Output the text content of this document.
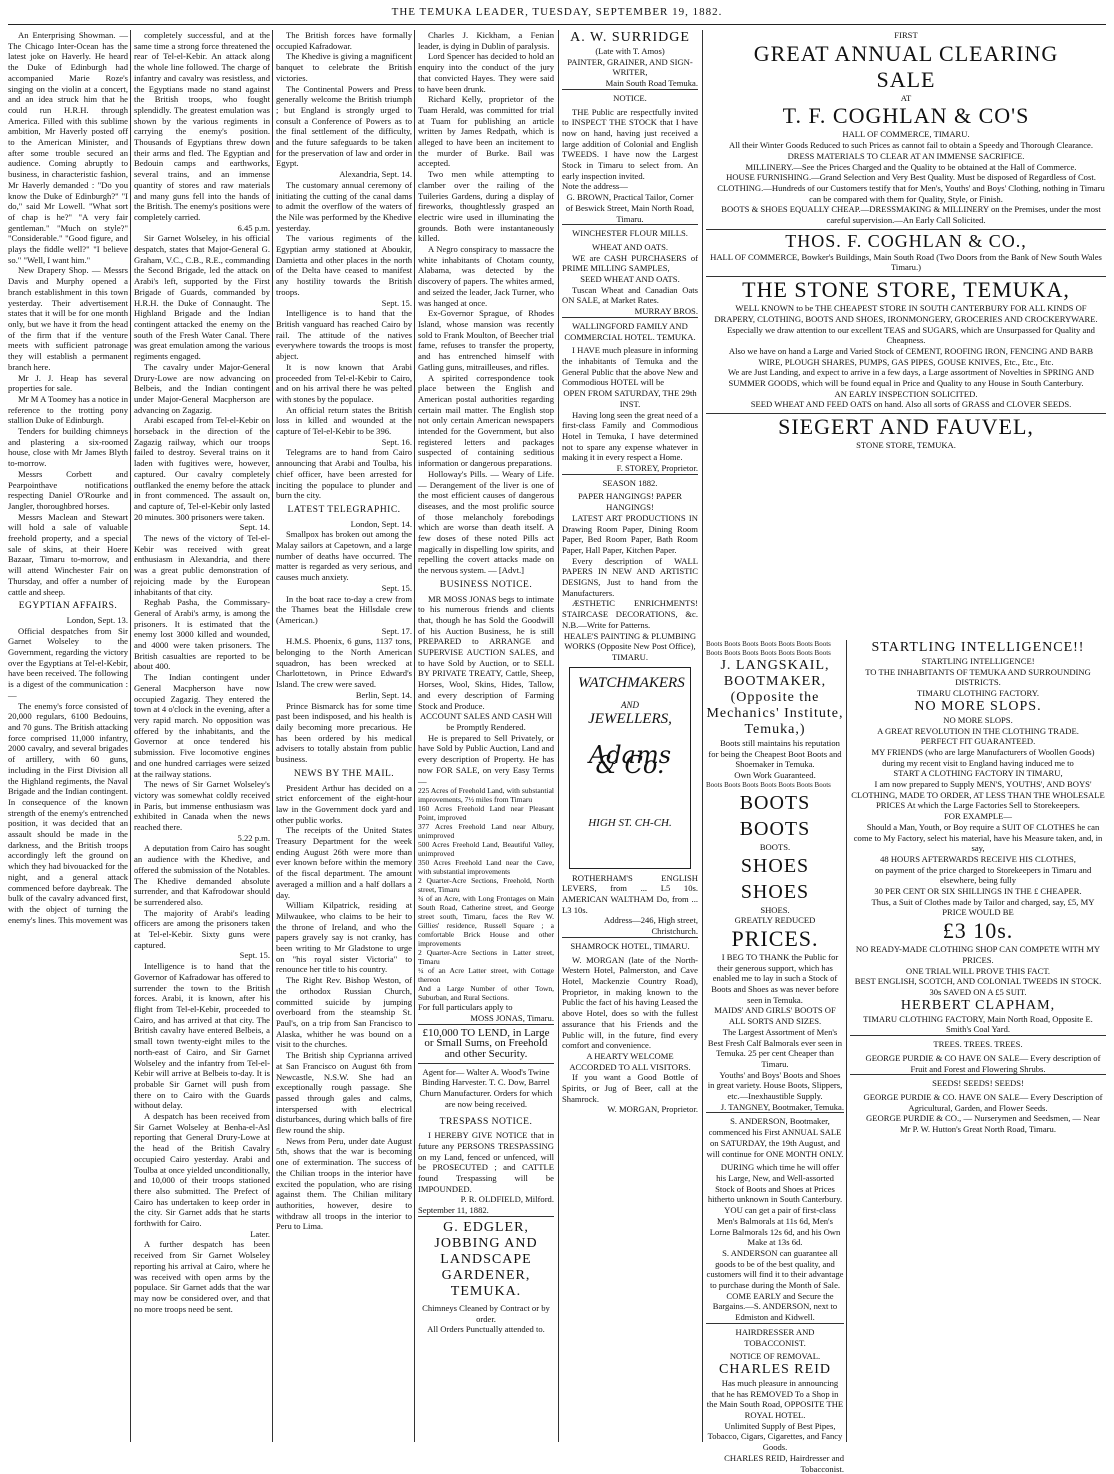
THE TEMUKA LEADER, TUESDAY, SEPTEMBER 19, 1882.

An Enterprising Showman. — The Chicago Inter-Ocean has the latest joke on Haverly. He heard the Duke of Edinburgh had accompanied Marie Roze's singing on the violin at a concert, and an idea struck him that he could run H.R.H. through America. Filled with this sublime ambition, Mr Haverly posted off to the American Minister, and after some trouble secured an audience. Coming abruptly to business, in characteristic fashion, Mr Haverly demanded : "Do you know the Duke of Edinburgh?" "I do," said Mr Lowell. "What sort of chap is he?" "A very fair gentleman." "Much on style?" "Considerable." "Good figure, and plays the fiddle well?" "I believe so." "Well, I want him."

New Drapery Shop. — Messrs Davis and Murphy opened a branch establishment in this town yesterday. Their advertisement states that it will be for one month only, but we have it from the head of the firm that if the venture meets with sufficient patronage they will establish a permanent branch here.

Mr J. J. Heap has several properties for sale.

Mr M A Toomey has a notice in reference to the trotting pony stallion Duke of Edinburgh.

Tenders for building chimneys and plastering a six-roomed house, close with Mr James Blyth to-morrow.

Messrs Corbett and Pearpointhave notifications respecting Daniel O'Rourke and Jangler, thoroughbred horses.

Messrs Maclean and Stewart will hold a sale of valuable freehold property, and a special sale of skins, at their Hoere Bazaar, Timaru to-morrow, and will attend Winchester Fair on Thursday, and offer a number of cattle and sheep.

EGYPTIAN AFFAIRS.
London, Sept. 13.

Official despatches from Sir Garnet Wolseley to the Government, regarding the victory over the Egyptians at Tel-el-Kebir, have been received. The following is a digest of the communication :—

The enemy's force consisted of 20,000 regulars, 6100 Bedouins, and 70 guns. The British attacking force comprised 11,000 infantry, 2000 cavalry, and several brigades of artillery, with 60 guns, including in the First Division all the Highland regiments, the Naval Brigade and the Indian contingent. In consequence of the known strength of the enemy's entrenched position, it was decided that an assault should be made in the darkness, and the British troops accordingly left the ground on which they had bivouacked for the night, and a general attack commenced before daybreak. The bulk of the cavalry advanced first, with the object of turning the enemy's lines. This movement was

completely successful, and at the same time a strong force threatened the rear of Tel-el-Kebir. An attack along the whole line followed. The charge of infantry and cavalry was resistless, and the Egyptians made no stand against the British troops, who fought splendidly. The greatest emulation was shown by the various regiments in carrying the enemy's position. Thousands of Egyptians threw down their arms and fled. The Egyptian and Bedouin camps and earthworks, several trains, and an immense quantity of stores and raw materials and many guns fell into the hands of the British. The enemy's positions were completely carried.

6.45 p.m.

Sir Garnet Wolseley, in his official despatch, states that Major-General G. Graham, V.C., C.B., R.E., commanding the Second Brigade, led the attack on Arabi's left, supported by the First Brigade of Guards, commanded by H.R.H. the Duke of Connaught. The Highland Brigade and the Indian contingent attacked the enemy on the south of the Fresh Water Canal. There was great emulation among the various regiments engaged.

The cavalry under Major-General Drury-Lowe are now advancing on Belbeis, and the Indian contingent under Major-General Macpherson are advancing on Zagazig.

Arabi escaped from Tel-el-Kebir on horseback in the direction of the Zagazig railway, which our troops failed to destroy. Several trains on it laden with fugitives were, however, captured. Our cavalry completely outflanked the enemy before the attack in front commenced. The assault on, and capture of, Tel-el-Kebir only lasted 20 minutes. 300 prisoners were taken.

Sept. 14.

The news of the victory of Tel-el-Kebir was received with great enthusiasm in Alexandria, and there was a great public demonstration of rejoicing made by the European inhabitants of that city.

Reghab Pasha, the Commissary-General of Arabi's army, is among the prisoners. It is estimated that the enemy lost 3000 killed and wounded, and 4000 were taken prisoners. The British casualties are reported to be about 400.

The Indian contingent under General Macpherson have now occupied Zagazig. They entered the town at 4 o'clock in the evening, after a very rapid march. No opposition was offered by the inhabitants, and the Governor at once tendered his submission. Five locomotive engines and one hundred carriages were seized at the railway stations.

The news of Sir Garnet Wolseley's victory was somewhat coldly received in Paris, but immense enthusiasm was exhibited in Canada when the news reached there.

5.22 p.m.

A deputation from Cairo has sought an audience with the Khedive, and offered the submission of the Notables. The Khedive demanded absolute surrender, and that Kafrodowar should be surrendered also.

The majority of Arabi's leading officers are among the prisoners taken at Tel-el-Kebir. Sixty guns were captured.

Sept. 15.

Intelligence is to hand that the Governor of Kafradowar has offered to surrender the town to the British forces. Arabi, it is known, after his flight from Tel-el-Kebir, proceeded to Cairo, and has arrived at that city. The British cavalry have entered Belbeis, a small town twenty-eight miles to the north-east of Cairo, and Sir Garnet Wolseley and the infantry from Tel-el-Kebir will arrive at Belbeis to-day. It is probable Sir Garnet will push from there on to Cairo with the Guards without delay.

A despatch has been received from Sir Garnet Wolseley at Benha-el-Asl reporting that General Drury-Lowe at the head of the British Cavalry occupied Cairo yesterday. Arabi and Toulba at once yielded unconditionally, and 10,000 of their troops stationed there also submitted. The Prefect of Cairo has undertaken to keep order in the city. Sir Garnet adds that he starts forthwith for Cairo.

Later.

A further despatch has been received from Sir Garnet Wolseley reporting his arrival at Cairo, where he was received with open arms by the populace. Sir Garnet adds that the war may now be considered over, and that no more troops need be sent.

The British forces have formally occupied Kafradowar.

The Khedive is giving a magnificent banquet to celebrate the British victories.

The Continental Powers and Press generally welcome the British triumph ; but England is strongly urged to consult a Conference of Powers as to the final settlement of the difficulty, and the future safeguards to be taken for the preservation of law and order in Egypt.

Alexandria, Sept. 14.

The customary annual ceremony of initiating the cutting of the canal dams to admit the overflow of the waters of the Nile was performed by the Khedive yesterday.

The various regiments of the Egyptian army stationed at Aboukir, Damietta and other places in the north of the Delta have ceased to manifest any hostility towards the British troops.

Sept. 15.

Intelligence is to hand that the British vanguard has reached Cairo by rail. The attitude of the natives everywhere towards the troops is most abject.

It is now known that Arabi proceeded from Tel-el-Kebir to Cairo, and on his arrival there he was pelted with stones by the populace.

An official return states the British loss in killed and wounded at the capture of Tel-el-Kebir to be 396.

Sept. 16.

Telegrams are to hand from Cairo announcing that Arabi and Toulba, his chief officer, have been arrested for inciting the populace to plunder and burn the city.

LATEST TELEGRAPHIC.
London, Sept. 14.

Smallpox has broken out among the Malay sailors at Capetown, and a large number of deaths have occurred. The matter is regarded as very serious, and causes much anxiety.

Sept. 15.

In the boat race to-day a crew from the Thames beat the Hillsdale crew (American.)

Sept. 17.

H.M.S. Phoenix, 6 guns, 1137 tons, belonging to the North American squadron, has been wrecked at Charlottetown, in Prince Edward's Island. The crew were saved.

Berlin, Sept. 14.

Prince Bismarck has for some time past been indisposed, and his health is daily becoming more precarious. He has been ordered by his medical advisers to totally abstain from public business.

NEWS BY THE MAIL.

President Arthur has decided on a strict enforcement of the eight-hour law in the Government dock yard and other public works.

The receipts of the United States Treasury Department for the week ending August 26th were more than ever known before within the memory of the fiscal department. The amount averaged a million and a half dollars a day.

William Kilpatrick, residing at Milwaukee, who claims to be heir to the throne of Ireland, and who the papers gravely say is not cranky, has been writing to Mr Gladstone to urge on "his royal sister Victoria" to renounce her title to his country.

The Right Rev. Bishop Weston, of the orthodox Russian Church, committed suicide by jumping overboard from the steamship St. Paul's, on a trip from San Francisco to Alaska, whither he was bound on a visit to the churches.

The British ship Cyprianna arrived at San Francisco on August 6th from Newcastle, N.S.W. She had an exceptionally rough passage. She passed through gales and calms, interspersed with electrical disturbances, during which balls of fire flew round the ship.

News from Peru, under date August 5th, shows that the war is becoming one of extermination. The success of the Chilian troops in the interior have excited the population, who are rising against them. The Chilian military authorities, however, desire to withdraw all troops in the interior to Peru to Lima.

Charles J. Kickham, a Fenian leader, is dying in Dublin of paralysis.

Lord Spencer has decided to hold an enquiry into the conduct of the jury that convicted Hayes. They were said to have been drunk.

Richard Kelly, proprietor of the Tuam Herald, was committed for trial at Tuam for publishing an article written by James Redpath, which is alleged to have been an incitement to the murder of Burke. Bail was accepted.

Two men while attempting to clamber over the railing of the Tuileries Gardens, during a display of fireworks, thoughtlessly grasped an electric wire used in illuminating the grounds. Both were instantaneously killed.

A Negro conspiracy to massacre the white inhabitants of Chotam county, Alabama, was detected by the discovery of papers. The whites armed, and seized the leader, Jack Turner, who was hanged at once.

Ex-Governor Sprague, of Rhodes Island, whose mansion was recently sold to Frank Moulton, of Beecher trial fame, refuses to transfer the property, and has entrenched himself with Gatling guns, mitrailleuses, and rifles.

A spirited correspondence took place between the English and American postal authorities regarding certain mail matter. The English stop not only certain American newspapers intended for the Government, but also registered letters and packages suspected of containing seditious information or dangerous preparations.

Holloway's Pills. — Weary of Life. — Derangement of the liver is one of the most efficient causes of dangerous diseases, and the most prolific source of those melancholy forebodings which are worse than death itself. A few doses of these noted Pills act magically in dispelling low spirits, and repelling the covert attacks made on the nervous system. — [Advt.]

BUSINESS NOTICE.

MR MOSS JONAS begs to intimate to his numerous friends and clients that, though he has Sold the Goodwill of his Auction Business, he is still PREPARED to ARRANGE and SUPERVISE AUCTION SALES, and to have Sold by Auction, or to SELL BY PRIVATE TREATY, Cattle, Sheep, Horses, Wool, Skins, Hides, Tallow, and every description of Farming Stock and Produce.

ACCOUNT SALES AND CASH Will be Promptly Rendered.

He is prepared to Sell Privately, or have Sold by Public Auction, Land and every description of Property. He has now FOR SALE, on very Easy Terms—

225 Acres of Freehold Land, with substantial improvements, 7½ miles from Timaru
160 Acres Freehold Land near Pleasant Point, improved
377 Acres Freehold Land near Albury, unimproved
500 Acres Freehold Land, Beautiful Valley, unimproved
350 Acres Freehold Land near the Cave, with substantial improvements
2 Quarter-Acre Sections, Freehold, North street, Timaru
¾ of an Acre, with Long Frontages on Main South Road, Catherine street, and George street south, Timaru, faces the Rev W. Gillies' residence, Russell Square ; a comfortable Brick House and other improvements
2 Quarter-Acre Sections in Latter street, Timaru
¼ of an Acre Latter street, with Cottage thereon
And a Large Number of other Town, Suburban, and Rural Sections.
For full particulars apply to
MOSS JONAS, Timaru.
£10,000 TO LEND, in Large or Small Sums, on Freehold and other Security.
Agent for— Walter A. Wood's Twine Binding Harvester. T. C. Dow, Barrel Churn Manufacturer. Orders for which are now being received.
TRESPASS NOTICE.

I HEREBY GIVE NOTICE that in future any PERSONS TRESPASSING on my Land, fenced or unfenced, will be PROSECUTED ; and CATTLE found Trespassing will be IMPOUNDED.

P. R. OLDFIELD, Milford.
September 11, 1882.
G. EDGLER, JOBBING AND LANDSCAPE GARDENER, TEMUKA.
Chimneys Cleaned by Contract or by order.
All Orders Punctually attended to.
A. W. SURRIDGE
(Late with T. Amos)
PAINTER, GRAINER, AND SIGN-WRITER,
Main South Road Temuka.
NOTICE.

THE Public are respectfully invited to INSPECT THE STOCK that I have now on hand, having just received a large addition of Colonial and English TWEEDS. I have now the Largest Stock in Timaru to select from. An early inspection invited.

Note the address—
G. BROWN, Practical Tailor, Corner of Beswick Street, Main North Road, Timaru.
WINCHESTER FLOUR MILLS.
WHEAT AND OATS.

WE are CASH PURCHASERS of PRIME MILLING SAMPLES,

SEED WHEAT AND OATS.

Tuscan Wheat and Canadian Oats ON SALE, at Market Rates.

MURRAY BROS.
WALLINGFORD FAMILY AND COMMERCIAL HOTEL. TEMUKA.

I HAVE much pleasure in informing the inhabitants of Temuka and the General Public that the above New and Commodious HOTEL will be

OPEN FROM SATURDAY, THE 29th INST.

Having long seen the great need of a first-class Family and Commodious Hotel in Temuka, I have determined not to spare any expense whatever in making it in every respect a Home.

F. STOREY, Proprietor.
SEASON 1882.
PAPER HANGINGS! PAPER HANGINGS!

LATEST ART PRODUCTIONS IN Drawing Room Paper, Dining Room Paper, Bed Room Paper, Bath Room Paper, Hall Paper, Kitchen Paper.

Every description of WALL PAPERS IN NEW AND ARTISTIC DESIGNS, Just to hand from the Manufacturers.

ÆSTHETIC ENRICHMENTS! STAIRCASE DECORATIONS, &c. N.B.—Write for Patterns.

HEALE'S PAINTING & PLUMBING WORKS (Opposite New Post Office), TIMARU.
WATCHMAKERS
AND
JEWELLERS,
Adams & Co.
HIGH ST. CH-CH.

ROTHERHAM'S ENGLISH LEVERS, from ... L5 10s. AMERICAN WALTHAM Do, from ... L3 10s.

Address—246, High street, Christchurch.
SHAMROCK HOTEL, TIMARU.

W. MORGAN (late of the North-Western Hotel, Palmerston, and Cave Hotel, Mackenzie Country Road), Proprietor, in making known to the Public the fact of his having Leased the above Hotel, does so with the fullest assurance that his Friends and the Public will, in the future, find every comfort and convenience.

A HEARTY WELCOME ACCORDED TO ALL VISITORS.

If you want a Good Bottle of Spirits, or Jug of Beer, call at the Shamrock.

W. MORGAN, Proprietor.
FIRST
GREAT ANNUAL CLEARING
SALE
AT
T. F. COGHLAN & CO'S
HALL OF COMMERCE, TIMARU.

All their Winter Goods Reduced to such Prices as cannot fail to obtain a Speedy and Thorough Clearance.

DRESS MATERIALS TO CLEAR AT AN IMMENSE SACRIFICE.

MILLINERY.—See the Prices Charged and the Quality to be obtained at the Hall of Commerce.

HOUSE FURNISHING.—Grand Selection and Very Best Quality. Must be disposed of Regardless of Cost.

CLOTHING.—Hundreds of our Customers testify that for Men's, Youths' and Boys' Clothing, nothing in Timaru can be compared with them for Quality, Style, or Finish.

BOOTS & SHOES EQUALLY CHEAP.—DRESSMAKING & MILLINERY on the Premises, under the most careful supervision.—An Early Call Solicited.

THOS. F. COGHLAN & CO.,
HALL OF COMMERCE, Bowker's Buildings, Main South Road (Two Doors from the Bank of New South Wales Timaru.)
THE STONE STORE, TEMUKA,

WELL KNOWN to be THE CHEAPEST STORE IN SOUTH CANTERBURY FOR ALL KINDS OF DRAPERY, CLOTHING, BOOTS AND SHOES, IRONMONGERY, GROCERIES AND CROCKERYWARE.

Especially we draw attention to our excellent TEAS and SUGARS, which are Unsurpassed for Quality and Cheapness.

Also we have on hand a Large and Varied Stock of CEMENT, ROOFING IRON, FENCING AND BARB WIRE, PLOUGH SHARES, PUMPS, GAS PIPES, GOUSE KNIVES, Etc., Etc., Etc.

We are Just Landing, and expect to arrive in a few days, a Large assortment of Novelties in SPRING AND SUMMER GOODS, which will be found equal in Price and Quality to any House in South Canterbury.

AN EARLY INSPECTION SOLICITED.

SEED WHEAT AND FEED OATS on hand. Also all sorts of GRASS and CLOVER SEEDS.

SIEGERT AND FAUVEL,
STONE STORE, TEMUKA.
Boots Boots Boots Boots Boots Boots Boots
Boots Boots Boots Boots Boots Boots Boots
J. LANGSKAIL, BOOTMAKER, (Opposite the Mechanics' Institute, Temuka,)

Boots still maintains his reputation for being the Cheapest Boot Boots and Shoemaker in Temuka.

Own Work Guaranteed.
Boots Boots Boots Boots Boots Boots Boots
BOOTS BOOTS
BOOTS.
SHOES SHOES
SHOES.
GREATLY REDUCED
PRICES.

I BEG TO THANK the Public for their generous support, which has enabled me to lay in such a Stock of Boots and Shoes as was never before seen in Temuka.

MAIDS' AND GIRLS' BOOTS OF ALL SORTS AND SIZES.

The Largest Assortment of Men's Best Fresh Calf Balmorals ever seen in Temuka. 25 per cent Cheaper than Timaru.

Youths' and Boys' Boots and Shoes in great variety. House Boots, Slippers, etc.—Inexhaustible Supply.

J. TANGNEY, Bootmaker, Temuka.

S. ANDERSON, Bootmaker, commenced his First ANNUAL SALE on SATURDAY, the 19th August, and will continue for ONE MONTH ONLY.

DURING which time he will offer his Large, New, and Well-assorted Stock of Boots and Shoes at Prices hitherto unknown in South Canterbury.

YOU can get a pair of first-class Men's Balmorals at 11s 6d, Men's Lorne Balmorals 12s 6d, and his Own Make at 13s 6d.

S. ANDERSON can guarantee all goods to be of the best quality, and customers will find it to their advantage to purchase during the Month of Sale.

COME EARLY and Secure the Bargains.—S. ANDERSON, next to Edmiston and Kidwell.

HAIRDRESSER AND TOBACCONIST.
NOTICE OF REMOVAL.
CHARLES REID

Has much pleasure in announcing that he has REMOVED To a Shop in the Main South Road, OPPOSITE THE ROYAL HOTEL.

Unlimited Supply of Best Pipes, Tobacco, Cigars, Cigarettes, and Fancy Goods.

CHARLES REID, Hairdresser and Tobacconist.
STARTLING INTELLIGENCE!!
STARTLING INTELLIGENCE!
TO THE INHABITANTS OF TEMUKA AND SURROUNDING DISTRICTS.
TIMARU CLOTHING FACTORY.
NO MORE SLOPS.
NO MORE SLOPS.
A GREAT REVOLUTION IN THE CLOTHING TRADE.
PERFECT FIT GUARANTEED.

MY FRIENDS (who are large Manufacturers of Woollen Goods) during my recent visit to England having induced me to

START A CLOTHING FACTORY IN TIMARU,

I am now prepared to Supply MEN'S, YOUTHS', AND BOYS' CLOTHING, MADE TO ORDER, AT LESS THAN THE WHOLESALE PRICES At which the Large Factories Sell to Storekeepers.

FOR EXAMPLE—

Should a Man, Youth, or Boy require a SUIT OF CLOTHES he can come to My Factory, select his material, have his Measure taken, and, in say,

48 HOURS AFTERWARDS RECEIVE HIS CLOTHES,

on payment of the price charged to Storekeepers in Timaru and elsewhere, being fully

30 PER CENT OR SIX SHILLINGS IN THE £ CHEAPER.

Thus, a Suit of Clothes made by Tailor and charged, say, £5, MY PRICE WOULD BE

£3 10s.
NO READY-MADE CLOTHING SHOP CAN COMPETE WITH MY PRICES.
ONE TRIAL WILL PROVE THIS FACT.
BEST ENGLISH, SCOTCH, AND COLONIAL TWEEDS IN STOCK.
30s SAVED ON A £5 SUIT.
HERBERT CLAPHAM,
TIMARU CLOTHING FACTORY, Main North Road, Opposite E. Smith's Coal Yard.
TREES. TREES. TREES.

GEORGE PURDIE & CO HAVE ON SALE— Every description of Fruit and Forest and Flowering Shrubs.

SEEDS! SEEDS! SEEDS!

GEORGE PURDIE & CO. HAVE ON SALE— Every Description of Agricultural, Garden, and Flower Seeds.

GEORGE PURDIE & CO., — Nurserymen and Seedsmen, — Near Mr P. W. Hutton's Great North Road, Timaru.
